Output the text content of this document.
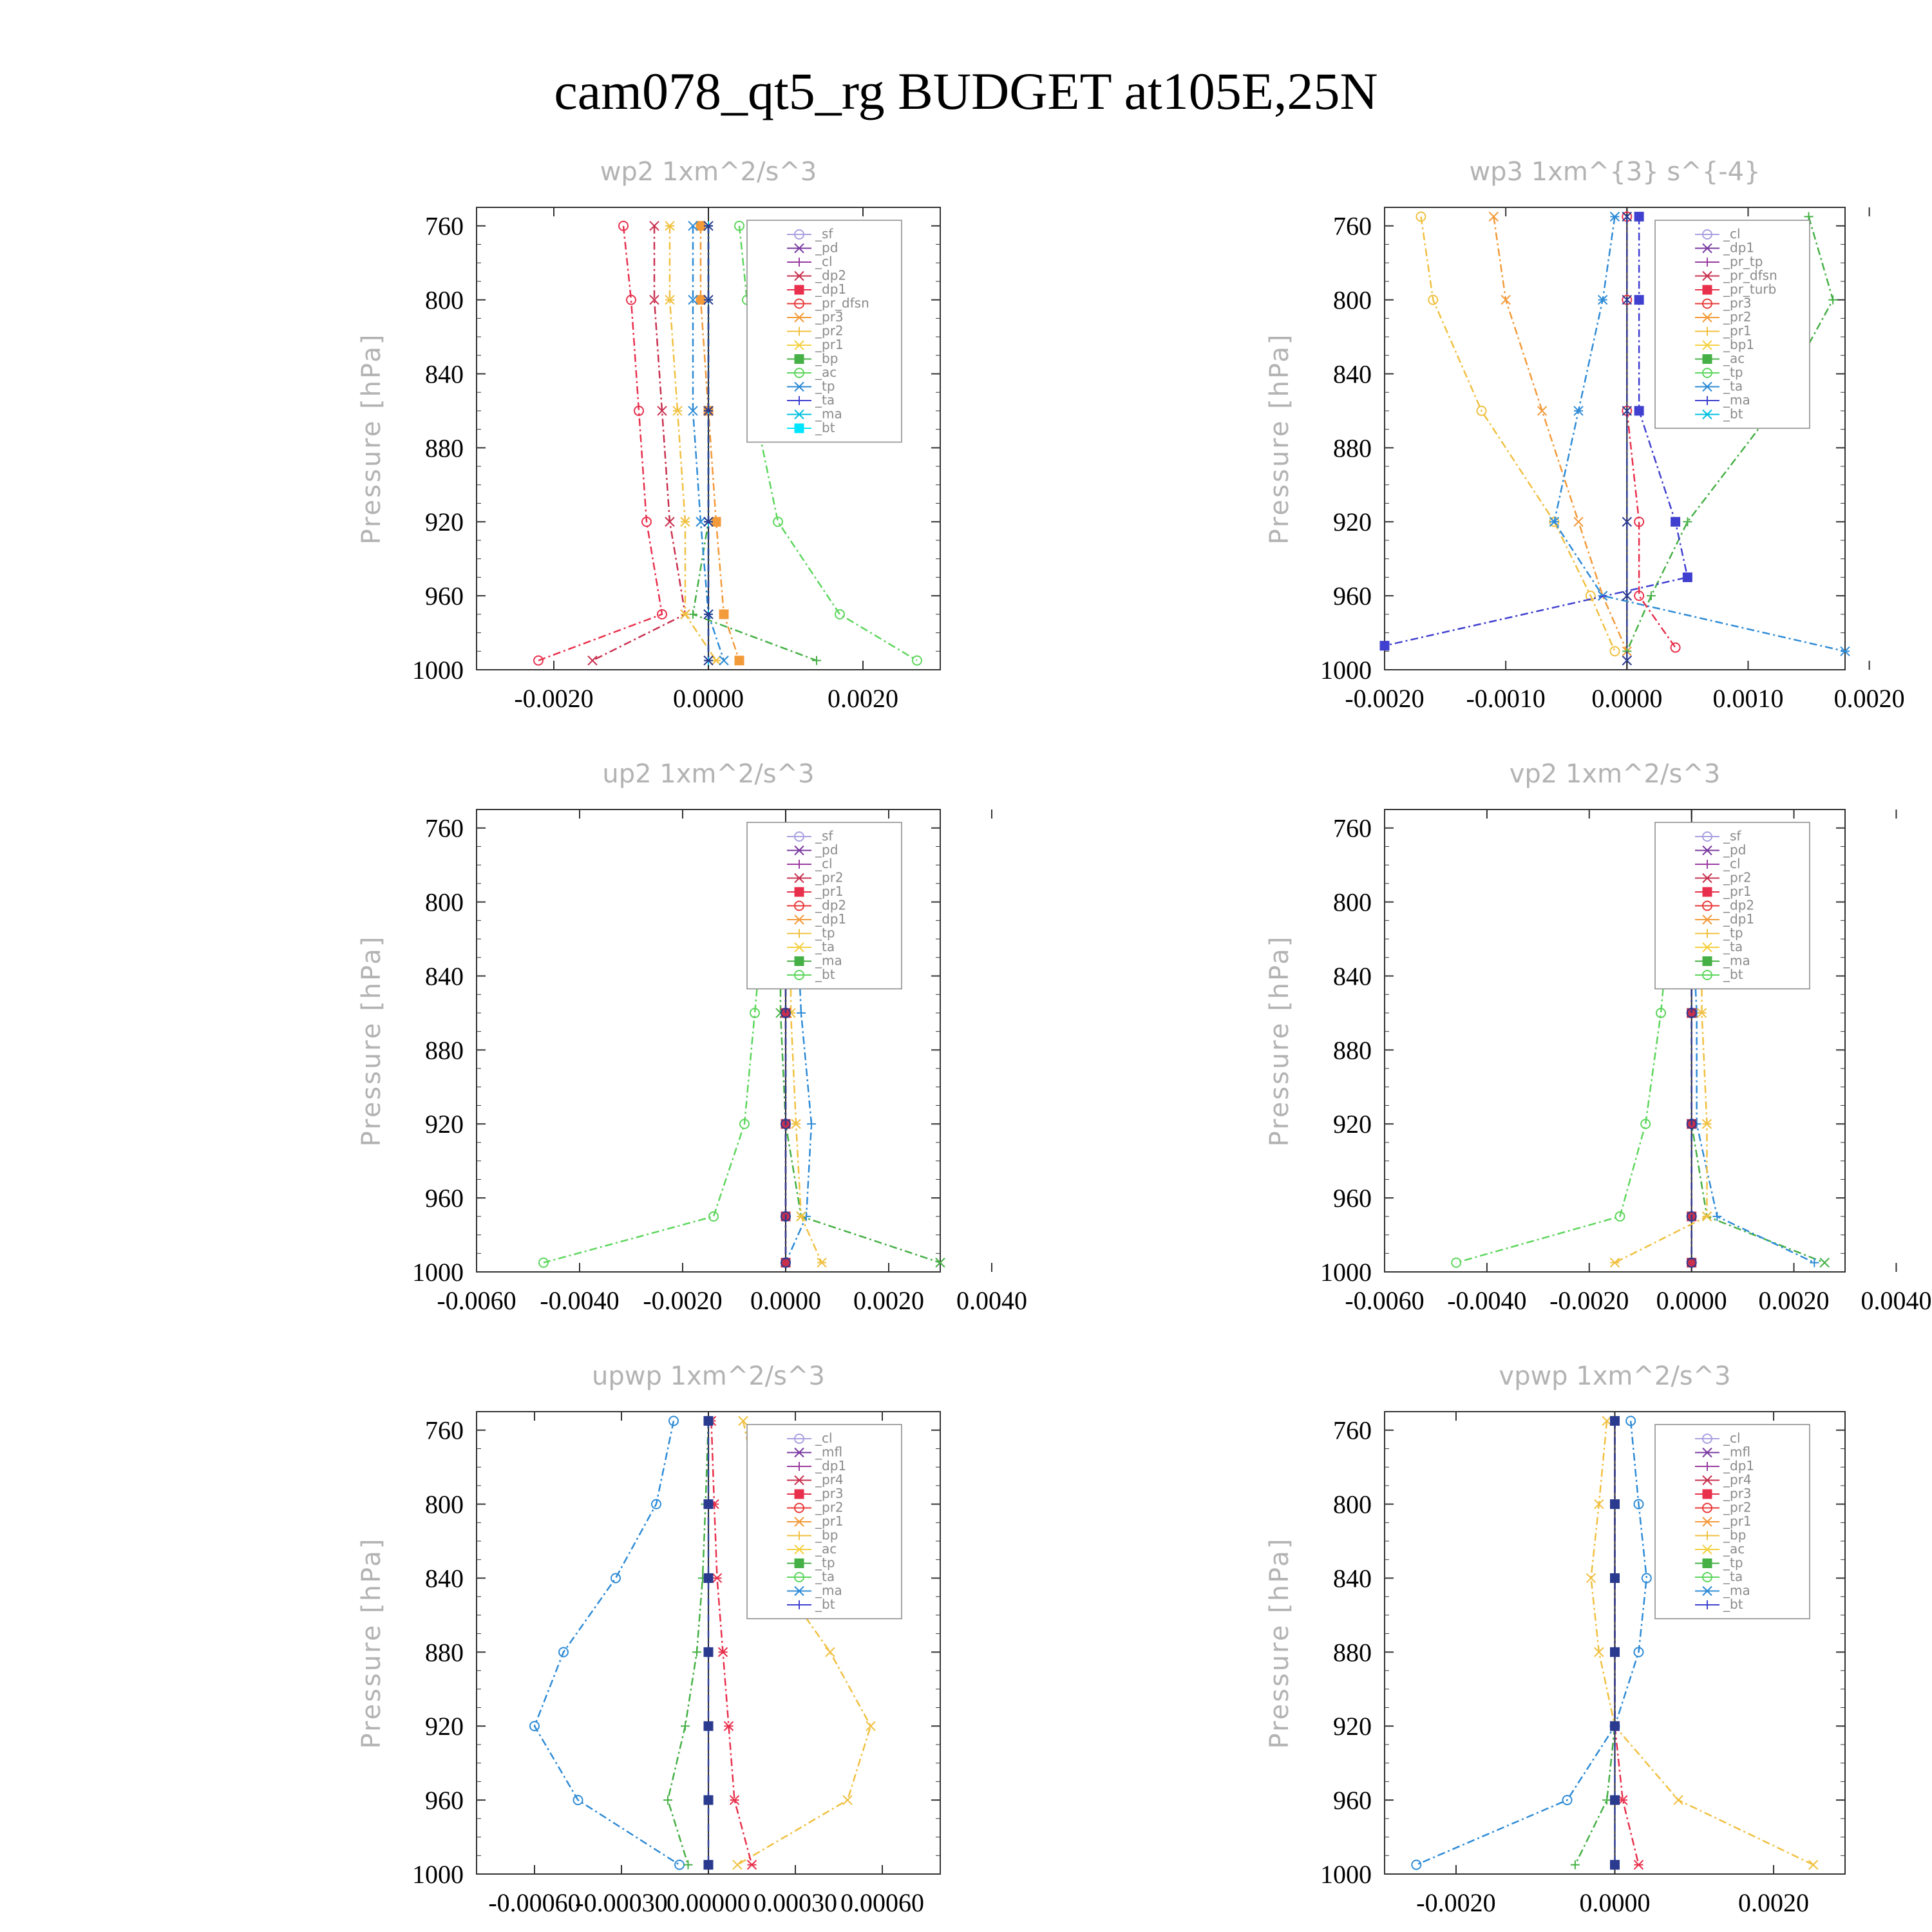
cam078_qt5_rg BUDGET at105E,25N
wp2 1xm^2/s^3
Pressure [hPa]
760
800
840
880
920
960
1000
-0.0020	0.0000	0.0020
_sf
_pd
_cl
_dp2
_dp1
_pr_dfsn
_pr3
_pr2
_pr1
_bp
_ac
_tp
_ta
_ma
_bt
wp3 1xm^{3} s^{-4}
Pressure [hPa]
760
800
840
880
920
960
1000
-0.0020 -0.0010 0.0000 0.0010 0.0020
_cl
_dp1
_pr_tp
_pr_dfsn
_pr_turb
_pr3
_pr2
_pr1
_bp1
_ac
_tp
_ta
_ma
_bt
up2 1xm^2/s^3
Pressure [hPa]
760
800
840
880
920
960
1000
-0.0060 -0.0040 -0.0020 0.0000 0.0020 0.0040
_sf
_pd
_cl
_pr2
_pr1
_dp2
_dp1
_tp
_ta
_ma
_bt
vp2 1xm^2/s^3
Pressure [hPa]
760
800
840
880
920
960
1000
-0.0060 -0.0040 -0.0020 0.0000 0.0020 0.0040
_sf
_pd
_cl
_pr2
_pr1
_dp2
_dp1
_tp
_ta
_ma
_bt
upwp 1xm^2/s^3
Pressure [hPa]
760
800
840
880
920
960
1000
-0.00060
-0.00030
0.00000 0.00030 0.00060
_cl
_mfl
_dp1
_pr4
_pr3
_pr2
_pr1
_bp
_ac
_tp
_ta
_ma
_bt
vpwp 1xm^2/s^3
Pressure [hPa]
760
800
840
880
920
960
1000
-0.0020	0.0000	0.0020
_cl
_mfl
_dp1
_pr4
_pr3
_pr2
_pr1
_bp
_ac
_tp
_ta
_ma
_bt
